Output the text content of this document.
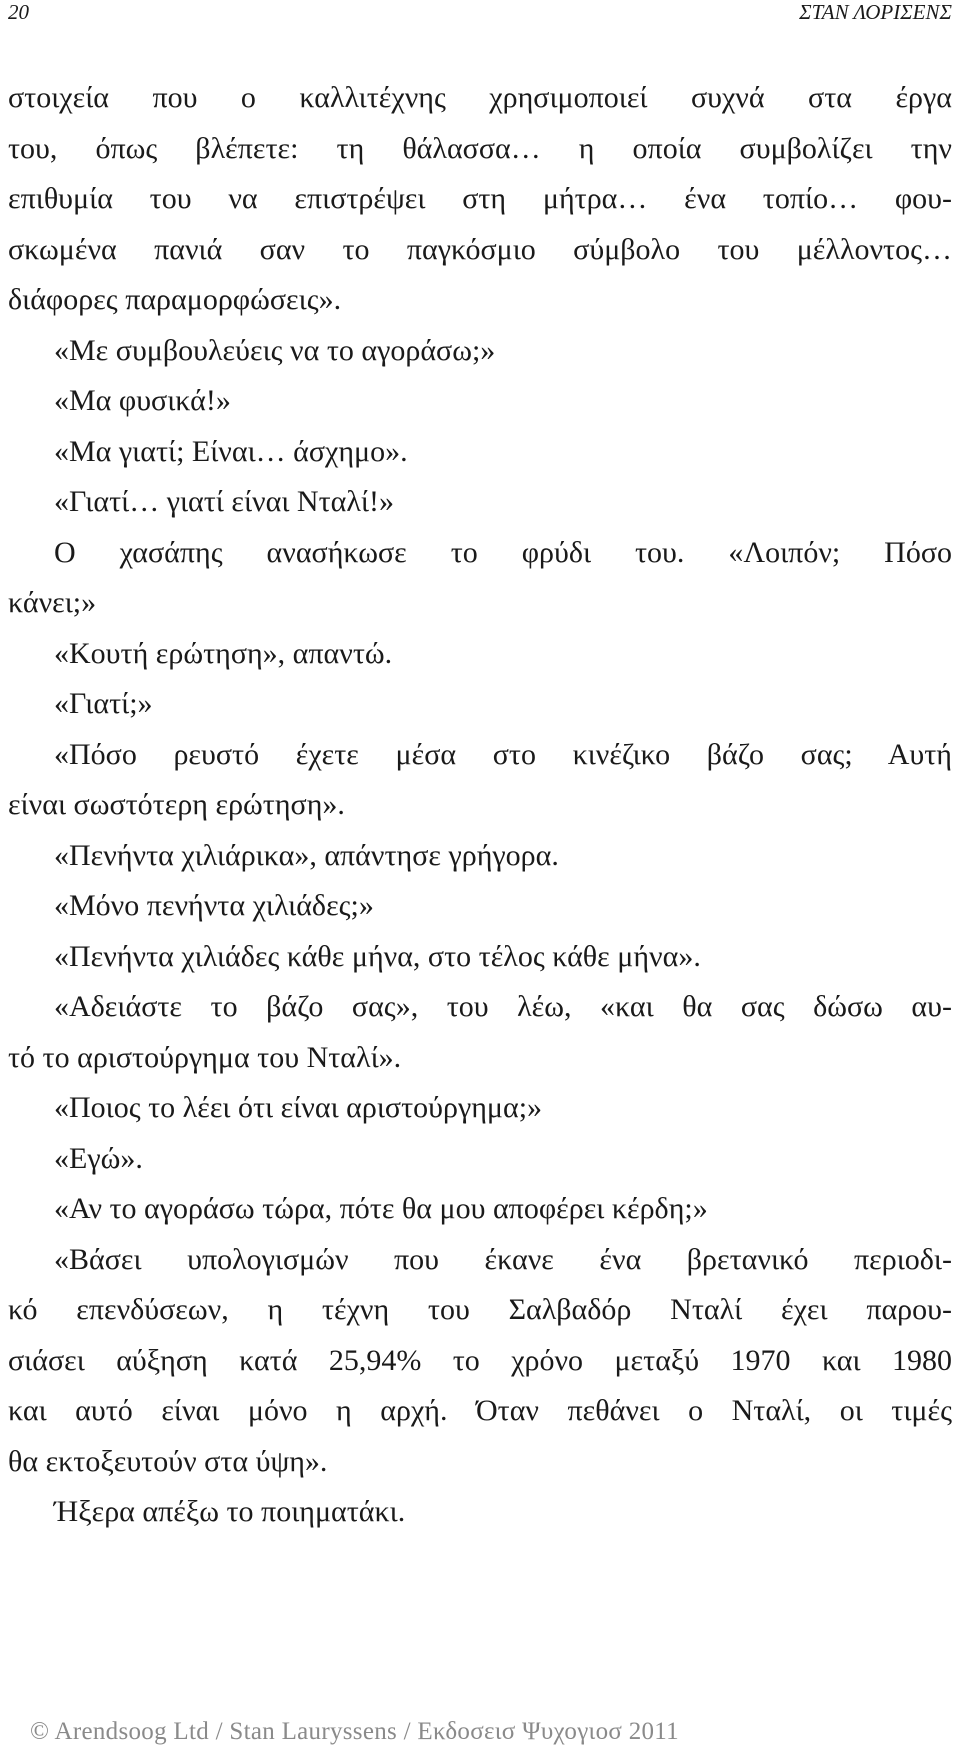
20	ΣΤΑΝ ΛΟΡΙΣΕΝΣ
στοιχεία που ο καλλιτέχνης χρησιμοποιεί συχνά στα έργα
του, όπως βλέπετε: τη θάλασσα… η οποία συμβολίζει την
επιθυμία του να επιστρέψει στη μήτρα… ένα τοπίο… φου-
σκωμένα πανιά σαν το παγκόσμιο σύμβολο του μέλλοντος…
διάφορες παραμορφώσεις».
«Με συμβουλεύεις να το αγοράσω;»
«Μα φυσικά!»
«Μα γιατί; Είναι… άσχημο».
«Γιατί… γιατί είναι Νταλί!»
Ο χασάπης ανασήκωσε το φρύδι του. «Λοιπόν; Πόσο
κάνει;»
«Κουτή ερώτηση», απαντώ.
«Γιατί;»
«Πόσο ρευστό έχετε μέσα στο κινέζικο βάζο σας; Αυτή
είναι σωστότερη ερώτηση».
«Πενήντα χιλιάρικα», απάντησε γρήγορα.
«Μόνο πενήντα χιλιάδες;»
«Πενήντα χιλιάδες κάθε μήνα, στο τέλος κάθε μήνα».
«Αδειάστε το βάζο σας», του λέω, «και θα σας δώσω αυ-
τό το αριστούργημα του Νταλί».
«Ποιος το λέει ότι είναι αριστούργημα;»
«Εγώ».
«Αν το αγοράσω τώρα, πότε θα μου αποφέρει κέρδη;»
«Βάσει υπολογισμών που έκανε ένα βρετανικό περιοδι-
κό επενδύσεων, η τέχνη του Σαλβαδόρ Νταλί έχει παρου-
σιάσει αύξηση κατά 25,94% το χρόνο μεταξύ 1970 και 1980
και αυτό είναι μόνο η αρχή. Όταν πεθάνει ο Νταλί, οι τιμές
θα εκτοξευτούν στα ύψη».
Ήξερα απέξω το ποιηματάκι.
© Arendsoog Ltd / Stan Lauryssens / Εκδοσεισ Ψυχογιοσ 2011
